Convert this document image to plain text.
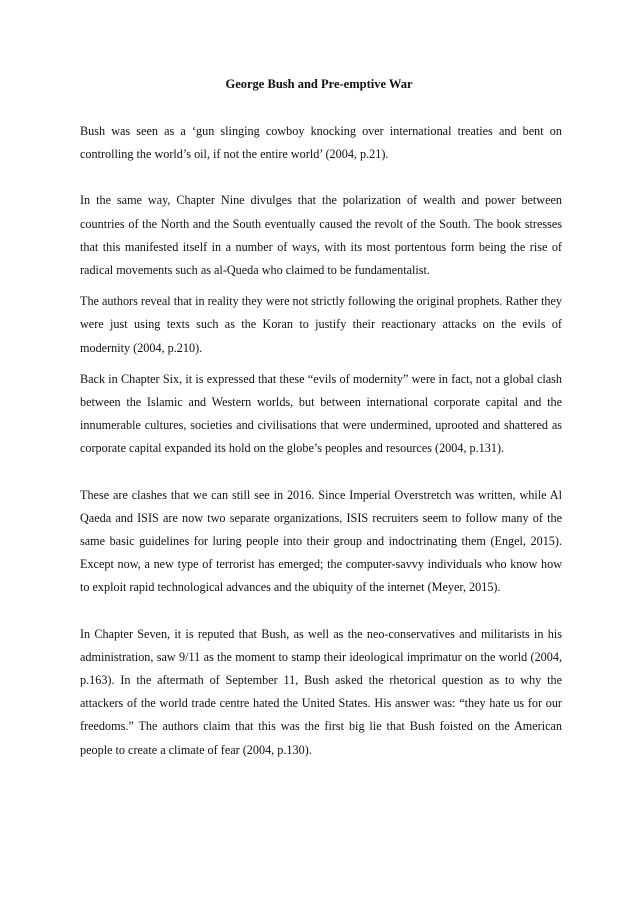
George Bush and Pre-emptive War

Bush was seen as a ‘gun slinging cowboy knocking over international treaties and bent on controlling the world’s oil, if not the entire world’ (2004, p.21).

In the same way, Chapter Nine divulges that the polarization of wealth and power between countries of the North and the South eventually caused the revolt of the South. The book stresses that this manifested itself in a number of ways, with its most portentous form being the rise of radical movements such as al-Queda who claimed to be fundamentalist.

The authors reveal that in reality they were not strictly following the original prophets. Rather they were just using texts such as the Koran to justify their reactionary attacks on the evils of modernity (2004, p.210).

Back in Chapter Six, it is expressed that these “evils of modernity” were in fact, not a global clash between the Islamic and Western worlds, but between international corporate capital and the innumerable cultures, societies and civilisations that were undermined, uprooted and shattered as corporate capital expanded its hold on the globe’s peoples and resources (2004, p.131).

These are clashes that we can still see in 2016. Since Imperial Overstretch was written, while Al Qaeda and ISIS are now two separate organizations, ISIS recruiters seem to follow many of the same basic guidelines for luring people into their group and indoctrinating them (Engel, 2015). Except now, a new type of terrorist has emerged; the computer-savvy individuals who know how to exploit rapid technological advances and the ubiquity of the internet (Meyer, 2015).

In Chapter Seven, it is reputed that Bush, as well as the neo-conservatives and militarists in his administration, saw 9/11 as the moment to stamp their ideological imprimatur on the world (2004, p.163). In the aftermath of September 11, Bush asked the rhetorical question as to why the attackers of the world trade centre hated the United States. His answer was: “they hate us for our freedoms.” The authors claim that this was the first big lie that Bush foisted on the American people to create a climate of fear (2004, p.130).
